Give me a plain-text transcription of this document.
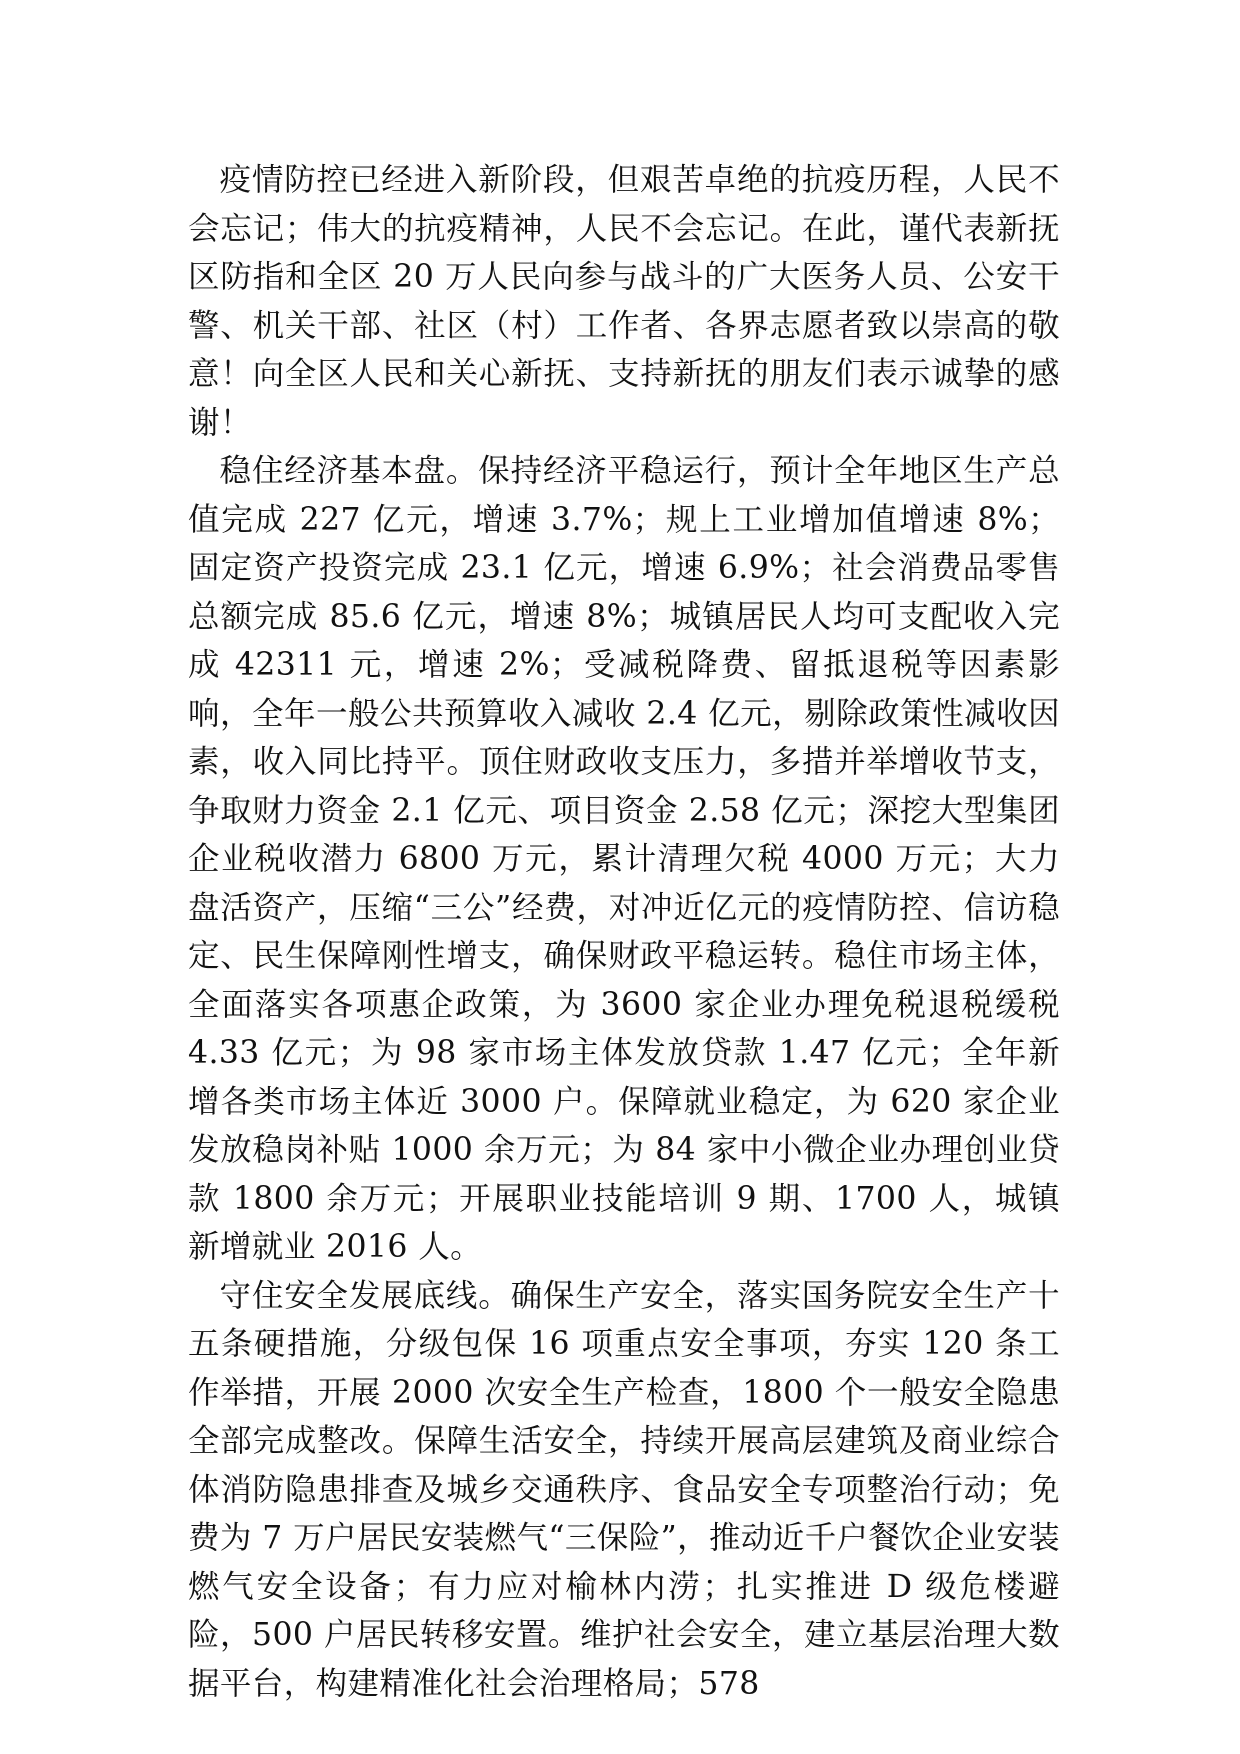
疫情防控已经进入新阶段，但艰苦卓绝的抗疫历程，人民不会忘记；伟大的抗疫精神，人民不会忘记。在此，谨代表新抚区防指和全区 20 万人民向参与战斗的广大医务人员、公安干警、机关干部、社区（村）工作者、各界志愿者致以崇高的敬意！向全区人民和关心新抚、支持新抚的朋友们表示诚挚的感谢！

稳住经济基本盘。保持经济平稳运行，预计全年地区生产总值完成 227 亿元，增速 3.7%；规上工业增加值增速 8%；固定资产投资完成 23.1 亿元，增速 6.9%；社会消费品零售总额完成 85.6 亿元，增速 8%；城镇居民人均可支配收入完成 42311 元，增速 2%；受减税降费、留抵退税等因素影响，全年一般公共预算收入减收 2.4 亿元，剔除政策性减收因素，收入同比持平。顶住财政收支压力，多措并举增收节支，争取财力资金 2.1 亿元、项目资金 2.58 亿元；深挖大型集团企业税收潜力 6800 万元，累计清理欠税 4000 万元；大力盘活资产，压缩“三公”经费，对冲近亿元的疫情防控、信访稳定、民生保障刚性增支，确保财政平稳运转。稳住市场主体，全面落实各项惠企政策，为 3600 家企业办理免税退税缓税 4.33 亿元；为 98 家市场主体发放贷款 1.47 亿元；全年新增各类市场主体近 3000 户。保障就业稳定，为 620 家企业发放稳岗补贴 1000 余万元；为 84 家中小微企业办理创业贷款 1800 余万元；开展职业技能培训 9 期、1700 人，城镇新增就业 2016 人。

守住安全发展底线。确保生产安全，落实国务院安全生产十五条硬措施，分级包保 16 项重点安全事项，夯实 120 条工作举措，开展 2000 次安全生产检查，1800 个一般安全隐患全部完成整改。保障生活安全，持续开展高层建筑及商业综合体消防隐患排查及城乡交通秩序、食品安全专项整治行动；免费为 7 万户居民安装燃气“三保险”，推动近千户餐饮企业安装燃气安全设备；有力应对榆林内涝；扎实推进 D 级危楼避险，500 户居民转移安置。维护社会安全，建立基层治理大数据平台，构建精准化社会治理格局；578
